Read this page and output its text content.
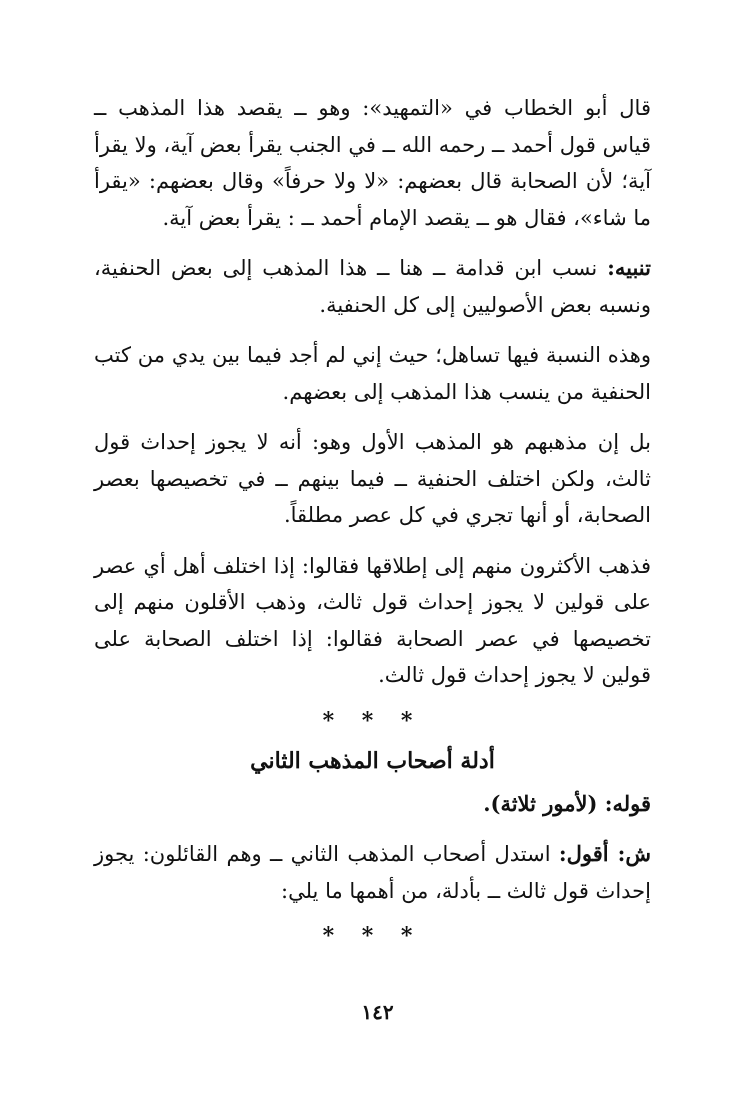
قال أبو الخطاب في «التمهيد»: وهو ــ يقصد هذا المذهب ــ قياس قول أحمد ــ رحمه الله ــ في الجنب يقرأ بعض آية، ولا يقرأ آية؛ لأن الصحابة قال بعضهم: «لا ولا حرفاً» وقال بعضهم: «يقرأ ما شاء»، فقال هو ــ يقصد الإمام أحمد ــ : يقرأ بعض آية.

تنبيه: نسب ابن قدامة ــ هنا ــ هذا المذهب إلى بعض الحنفية، ونسبه بعض الأصوليين إلى كل الحنفية.

وهذه النسبة فيها تساهل؛ حيث إني لم أجد فيما بين يدي من كتب الحنفية من ينسب هذا المذهب إلى بعضهم.

بل إن مذهبهم هو المذهب الأول وهو: أنه لا يجوز إحداث قول ثالث، ولكن اختلف الحنفية ــ فيما بينهم ــ في تخصيصها بعصر الصحابة، أو أنها تجري في كل عصر مطلقاً.

فذهب الأكثرون منهم إلى إطلاقها فقالوا: إذا اختلف أهل أي عصر على قولين لا يجوز إحداث قول ثالث، وذهب الأقلون منهم إلى تخصيصها في عصر الصحابة فقالوا: إذا اختلف الصحابة على قولين لا يجوز إحداث قول ثالث.

* * *
أدلة أصحاب المذهب الثاني

قوله: (لأمور ثلاثة).

ش: أقول: استدل أصحاب المذهب الثاني ــ وهم القائلون: يجوز إحداث قول ثالث ــ بأدلة، من أهمها ما يلي:

* * *
١٤٢
